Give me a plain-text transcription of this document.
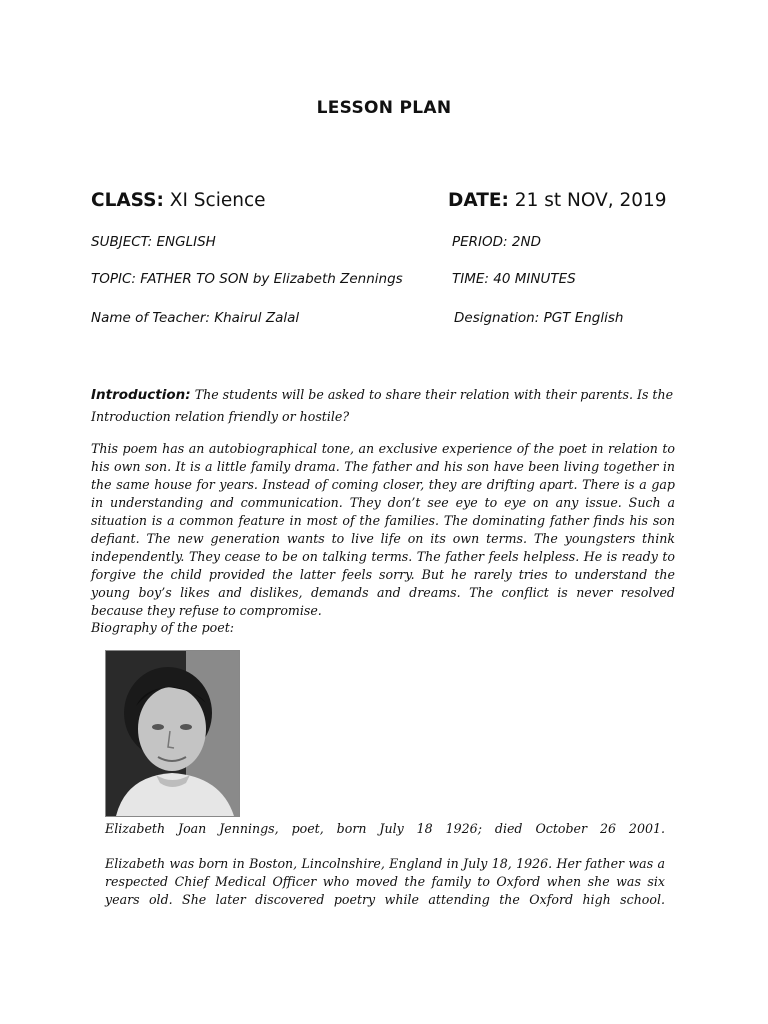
LESSON PLAN
CLASS: XI Science	DATE: 21 st NOV, 2019
SUBJECT: ENGLISH	PERIOD: 2ND
TOPIC: FATHER TO SON by Elizabeth Zennings	TIME: 40 MINUTES
Name of Teacher: Khairul Zalal	Designation: PGT English
Introduction: The students will be asked to share their relation with their parents. Is the Introduction relation friendly or hostile?
This poem has an autobiographical tone, an exclusive experience of the poet in relation to his own son. It is a little family drama. The father and his son have been living together in the same house for years. Instead of coming closer, they are drifting apart. There is a gap in understanding and communication. They don’t see eye to eye on any issue. Such a situation is a common feature in most of the families. The dominating father finds his son defiant. The new generation wants to live life on its own terms. The youngsters think independently. They cease to be on talking terms. The father feels helpless. He is ready to forgive the child provided the latter feels sorry. But he rarely tries to understand the young boy’s likes and dislikes, demands and dreams. The conflict is never resolved because they refuse to compromise.
Biography of the poet:
Elizabeth Joan Jennings, poet, born July 18 1926; died October 26 2001.
Elizabeth was born in Boston, Lincolnshire, England in July 18, 1926. Her father was a respected Chief Medical Officer who moved the family to Oxford when she was six years old. She later discovered poetry while attending the Oxford high school.
